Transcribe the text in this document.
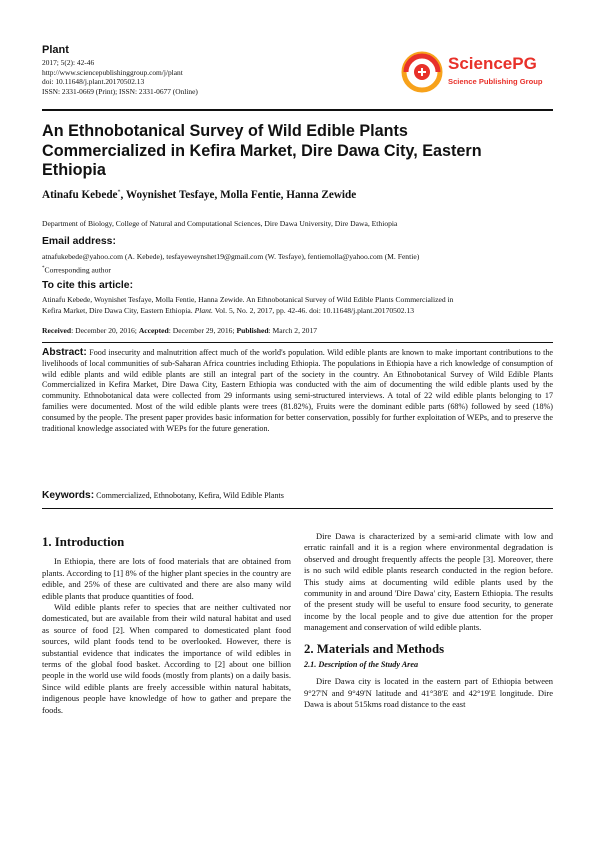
Plant
2017; 5(2): 42-46
http://www.sciencepublishinggroup.com/j/plant
doi: 10.11648/j.plant.20170502.13
ISSN: 2331-0669 (Print); ISSN: 2331-0677 (Online)
SciencePG
Science Publishing Group
An Ethnobotanical Survey of Wild Edible Plants
Commercialized in Kefira Market, Dire Dawa City, Eastern
Ethiopia
Atinafu Kebede*, Woynishet Tesfaye, Molla Fentie, Hanna Zewide
Department of Biology, College of Natural and Computational Sciences, Dire Dawa University, Dire Dawa, Ethiopia
Email address:
atnafukebede@yahoo.com (A. Kebede), tesfayeweynshet19@gmail.com (W. Tesfaye), fentiemolla@yahoo.com (M. Fentie)
*Corresponding author
To cite this article:
Atinafu Kebede, Woynishet Tesfaye, Molla Fentie, Hanna Zewide. An Ethnobotanical Survey of Wild Edible Plants Commercialized in
Kefira Market, Dire Dawa City, Eastern Ethiopia. Plant. Vol. 5, No. 2, 2017, pp. 42-46. doi: 10.11648/j.plant.20170502.13
Received: December 20, 2016; Accepted: December 29, 2016; Published: March 2, 2017
Abstract: Food insecurity and malnutrition affect much of the world's population. Wild edible plants are known to make important contributions to the livelihoods of local communities of sub-Saharan Africa countries including Ethiopia. The populations in Ethiopia have a rich knowledge of consumption of wild edible plants and wild edible plants are still an integral part of the society in the country. An Ethnobotanical Survey of Wild Edible Plants Commercialized in Kefira Market, Dire Dawa City, Eastern Ethiopia was conducted with the aim of documenting the wild edible plants used by the community. Ethnobotanical data were collected from 29 informants using semi-structured interviews. A total of 22 wild edible plants belonging to 17 families were documented. Most of the wild edible plants were trees (81.82%), Fruits were the dominant edible parts (68%) followed by seed (18%) consumed by the people. The present paper provides basic information for better conservation, possibly for further exploitation of WEPs, and to preserve the traditional knowledge associated with WEPs for the future generation.
Keywords: Commercialized, Ethnobotany, Kefira, Wild Edible Plants
1. Introduction

In Ethiopia, there are lots of food materials that are obtained from plants. According to [1] 8% of the higher plant species in the country are edible, and 25% of these are cultivated and there are also many wild edible plants that produce quantities of food.

Wild edible plants refer to species that are neither cultivated nor domesticated, but are available from their wild natural habitat and used as source of food [2]. When compared to domesticated plant food sources, wild plant foods tend to be overlooked. However, there is substantial evidence that indicates the importance of wild edibles in terms of the global food basket. According to [2] about one billion people in the world use wild foods (mostly from plants) on a daily basis. Since wild edible plants are freely accessible within natural habitats, indigenous people have knowledge of how to gather and prepare the foods.

Dire Dawa is characterized by a semi-arid climate with low and erratic rainfall and it is a region where environmental degradation is observed and drought frequently affects the people [3]. Moreover, there is no such wild edible plants research conducted in the region before. This study aims at documenting wild edible plants used by the community in and around 'Dire Dawa' city, Eastern Ethiopia. The results of the present study will be useful to ensure food security, to generate income by the local people and to give due attention for the proper management and conservation of wild edible plants.

2. Materials and Methods
2.1. Description of the Study Area

Dire Dawa city is located in the eastern part of Ethiopia between 9°27'N and 9°49'N latitude and 41°38'E and 42°19'E longitude. Dire Dawa is about 515kms road distance to the east
